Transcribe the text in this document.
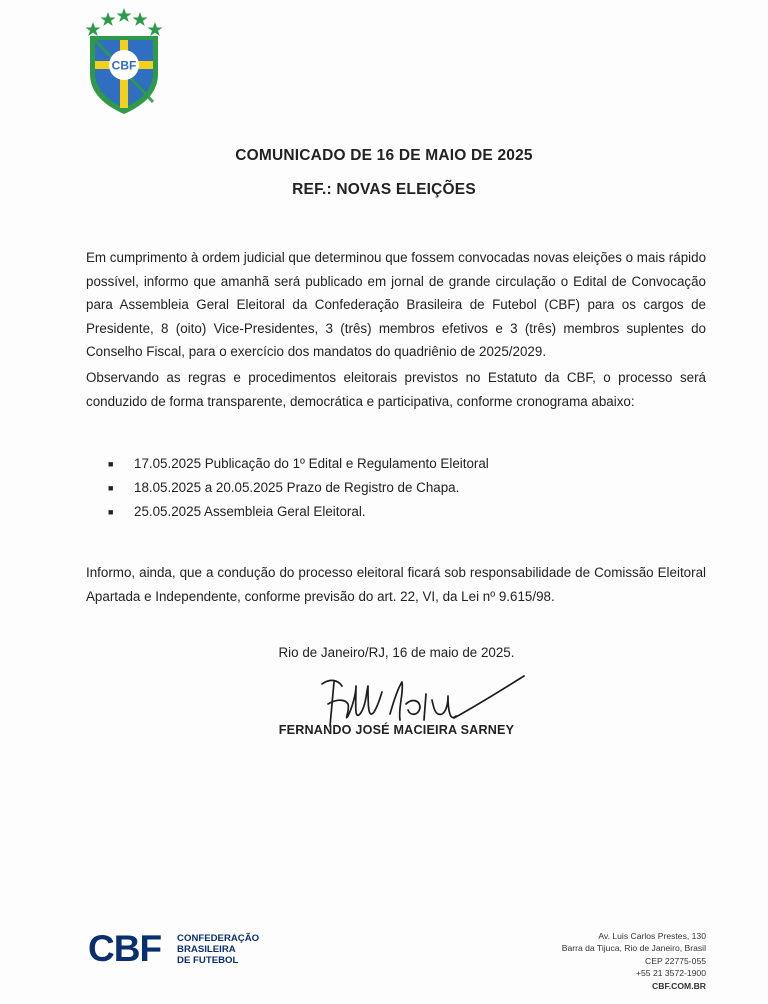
CBF
COMUNICADO DE 16 DE MAIO DE 2025
REF.: NOVAS ELEIÇÕES
Em cumprimento à ordem judicial que determinou que fossem convocadas novas eleições o mais rápido possível, informo que amanhã será publicado em jornal de grande circulação o Edital de Convocação para Assembleia Geral Eleitoral da Confederação Brasileira de Futebol (CBF) para os cargos de Presidente, 8 (oito) Vice-Presidentes, 3 (três) membros efetivos e 3 (três) membros suplentes do Conselho Fiscal, para o exercício dos mandatos do quadriênio de 2025/2029.
Observando as regras e procedimentos eleitorais previstos no Estatuto da CBF, o processo será conduzido de forma transparente, democrática e participativa, conforme cronograma abaixo:
■ 17.05.2025 Publicação do 1º Edital e Regulamento Eleitoral
■ 18.05.2025 a 20.05.2025 Prazo de Registro de Chapa.
■ 25.05.2025 Assembleia Geral Eleitoral.
Informo, ainda, que a condução do processo eleitoral ficará sob responsabilidade de Comissão Eleitoral Apartada e Independente, conforme previsão do art. 22, VI, da Lei nº 9.615/98.
Rio de Janeiro/RJ, 16 de maio de 2025.
FERNANDO JOSÉ MACIEIRA SARNEY
CBF CONFEDERAÇÃO
BRASILEIRA
DE FUTEBOL
Av. Luis Carlos Prestes, 130
Barra da Tijuca, Rio de Janeiro, Brasil
CEP 22775-055
+55 21 3572-1900
CBF.COM.BR
